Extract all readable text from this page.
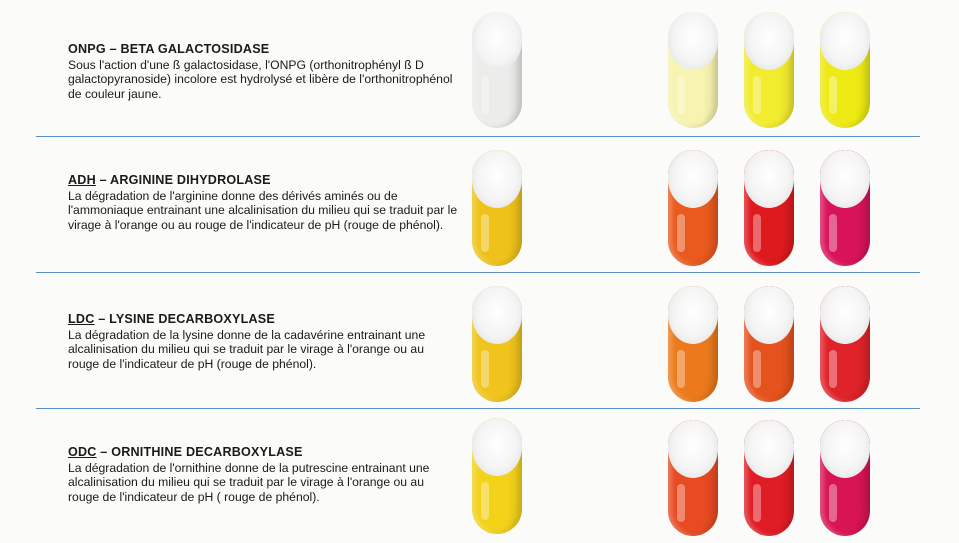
ONPG – BETA GALACTOSIDASE

Sous l'action d'une ß galactosidase, l'ONPG (orthonitrophényl ß D galactopyranoside) incolore est hydrolysé et libère de l'orthonitrophénol de couleur jaune.

ADH – ARGININE DIHYDROLASE

La dégradation de l'arginine donne des dérivés aminés ou de l'ammoniaque entrainant une alcalinisation du milieu qui se traduit par le virage à l'orange ou au rouge de l'indicateur de pH (rouge de phénol).

LDC – LYSINE DECARBOXYLASE

La dégradation de la lysine donne de la cadavérine entrainant une alcalinisation du milieu qui se traduit par le virage à l'orange ou au rouge de l'indicateur de pH (rouge de phénol).

ODC – ORNITHINE DECARBOXYLASE

La dégradation de l'ornithine donne de la putrescine entrainant une alcalinisation du milieu qui se traduit par le virage à l'orange ou au rouge de l'indicateur de pH ( rouge de phénol).
